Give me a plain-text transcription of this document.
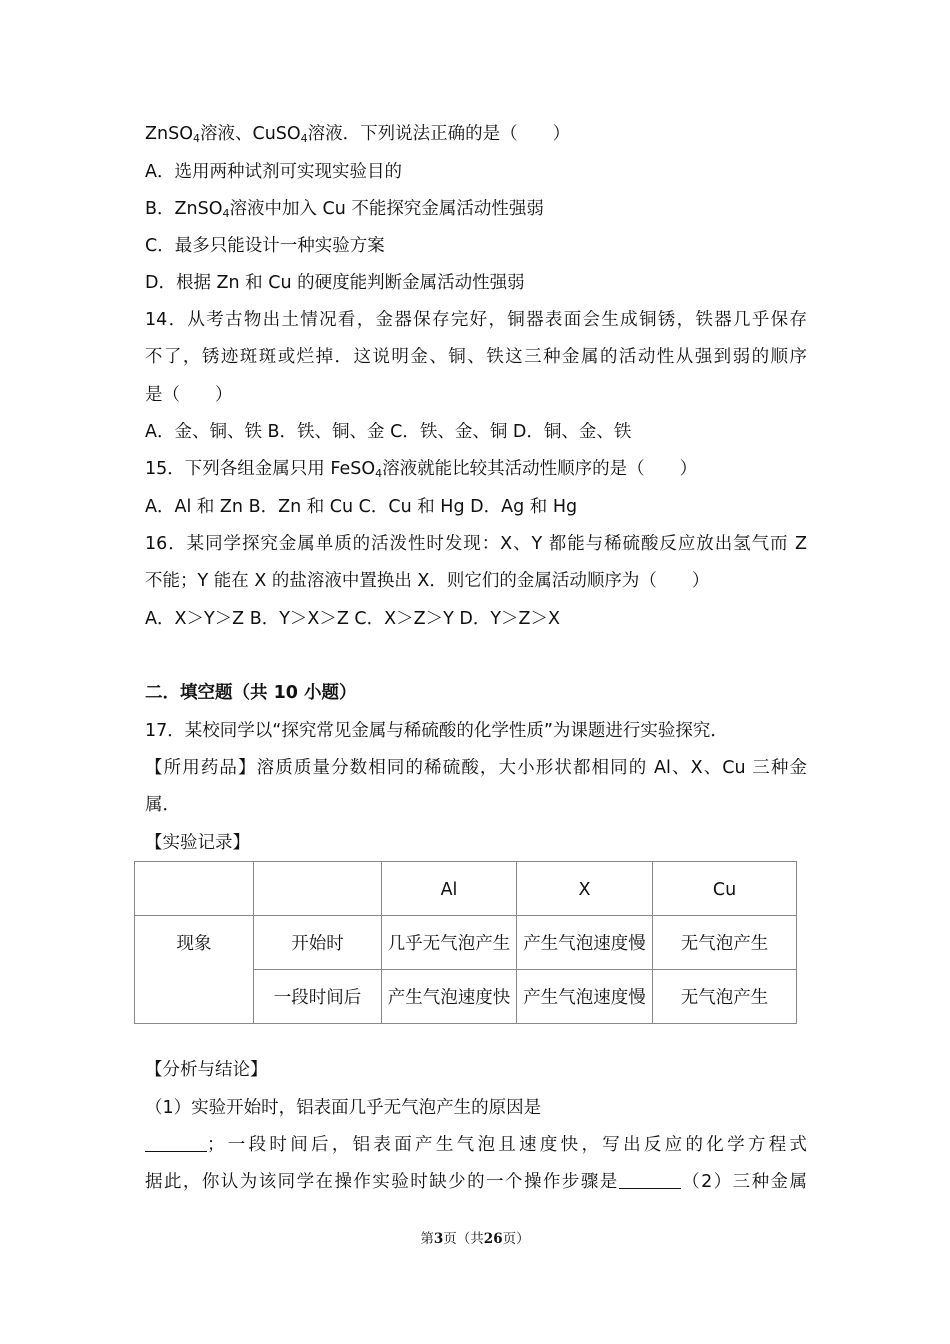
ZnSO$_4$溶液、CuSO$_4$溶液．下列说法正确的是（　　）
A．选用两种试剂可实现实验目的
B．ZnSO$_4$溶液中加入 Cu 不能探究金属活动性强弱
C．最多只能设计一种实验方案
D．根据 Zn 和 Cu 的硬度能判断金属活动性强弱
14．从考古物出土情况看，金器保存完好，铜器表面会生成铜锈，铁器几乎保存
不了，锈迹斑斑或烂掉．这说明金、铜、铁这三种金属的活动性从强到弱的顺序
是（　　）
A．金、铜、铁 B．铁、铜、金 C．铁、金、铜 D．铜、金、铁
15．下列各组金属只用 FeSO$_4$溶液就能比较其活动性顺序的是（　　）
A．Al 和 Zn B．Zn 和 Cu C．Cu 和 Hg D．Ag 和 Hg
16．某同学探究金属单质的活泼性时发现：X、Y 都能与稀硫酸反应放出氢气而 Z
不能；Y 能在 X 的盐溶液中置换出 X．则它们的金属活动顺序为（　　）
A．X＞Y＞Z B．Y＞X＞Z C．X＞Z＞Y D．Y＞Z＞X
二．填空题（共 10 小题）
17．某校同学以“探究常见金属与稀硫酸的化学性质”为课题进行实验探究．
【所用药品】溶质质量分数相同的稀硫酸，大小形状都相同的 Al、X、Cu 三种金
属．
【实验记录】
		Al	X	Cu
现象	开始时	几乎无气泡产生	产生气泡速度慢	无气泡产生
	一段时间后	产生气泡速度快	产生气泡速度慢	无气泡产生
【分析与结论】
（1）实验开始时，铝表面几乎无气泡产生的原因是
；一段时间后，铝表面产生气泡且速度快，写出反应的化学方程式
据此，你认为该同学在操作实验时缺少的一个操作步骤是	（2）三种金属
第3页（共26页）
